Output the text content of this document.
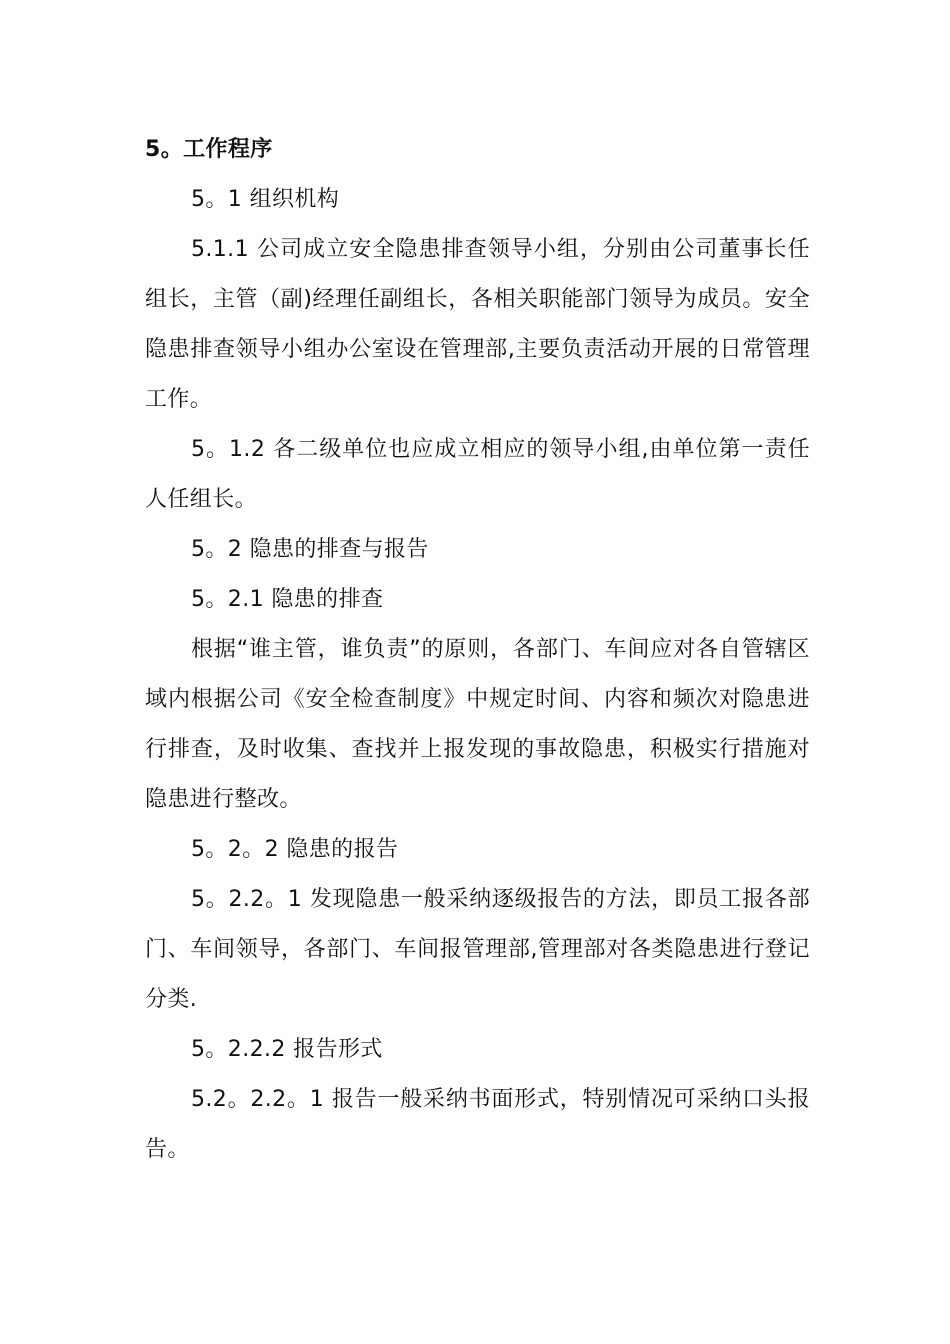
5。工作程序

5。1 组织机构

5.1.1 公司成立安全隐患排查领导小组，分别由公司董事长任组长，主管（副)经理任副组长，各相关职能部门领导为成员。安全隐患排查领导小组办公室设在管理部,主要负责活动开展的日常管理工作。

5。1.2 各二级单位也应成立相应的领导小组,由单位第一责任人任组长。

5。2 隐患的排查与报告

5。2.1 隐患的排查

根据“谁主管，谁负责”的原则，各部门、车间应对各自管辖区域内根据公司《安全检查制度》中规定时间、内容和频次对隐患进行排查，及时收集、查找并上报发现的事故隐患，积极实行措施对隐患进行整改。

5。2。2 隐患的报告

5。2.2。1 发现隐患一般采纳逐级报告的方法，即员工报各部门、车间领导，各部门、车间报管理部,管理部对各类隐患进行登记分类.

5。2.2.2 报告形式

5.2。2.2。1 报告一般采纳书面形式，特别情况可采纳口头报告。
